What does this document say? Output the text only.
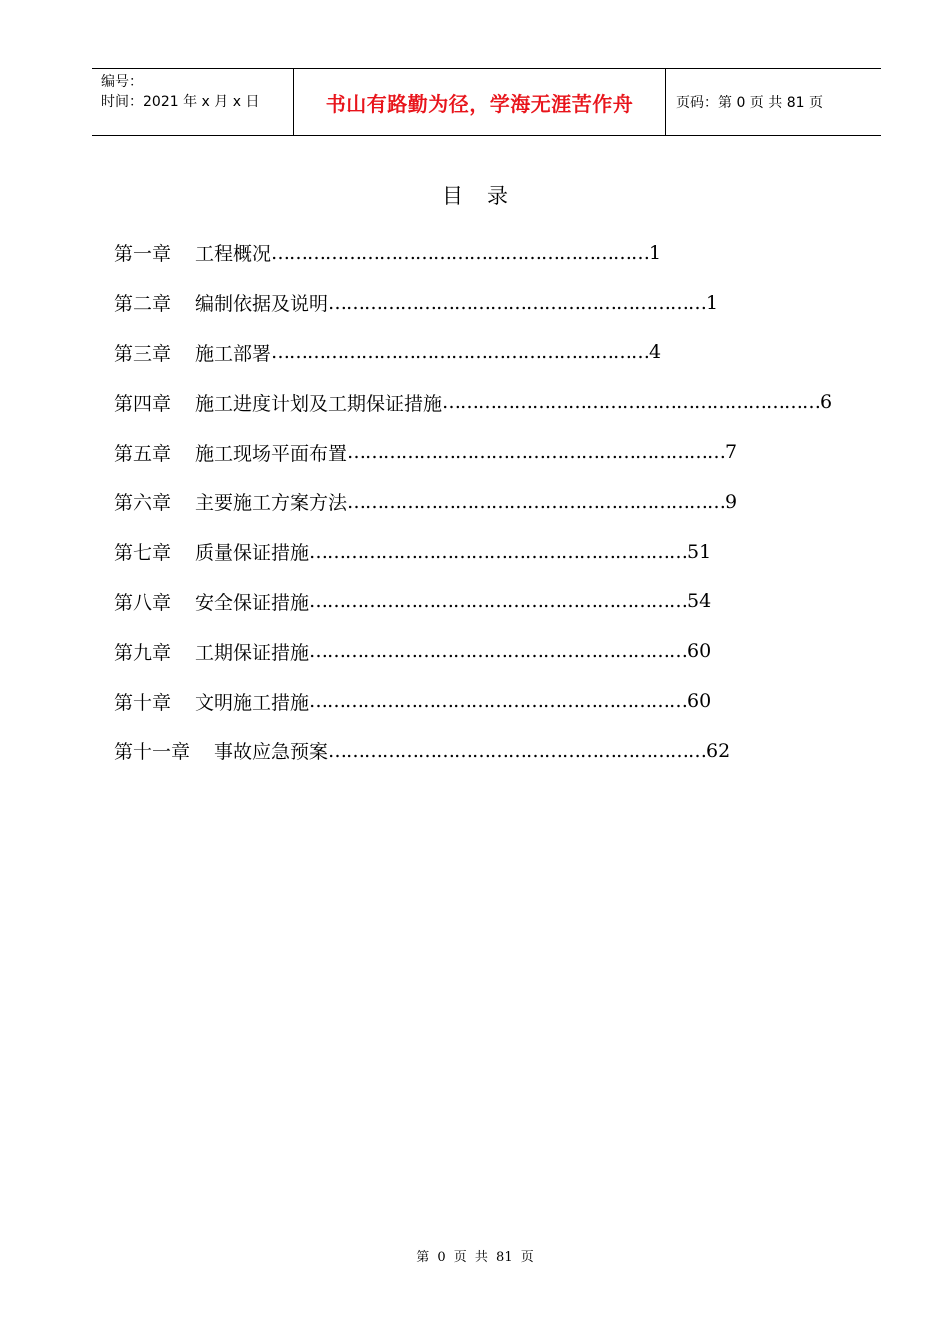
编号：
时间：2021 年 x 月 x 日	书山有路勤为径，学海无涯苦作舟	页码：第 0 页 共 81 页
目录
第一章 工程概况 ……………………………………………………… 1
第二章 编制依据及说明 ……………………………………………………… 1
第三章 施工部署 ……………………………………………………… 4
第四章 施工进度计划及工期保证措施 ……………………………………………………… 6
第五章 施工现场平面布置 ……………………………………………………… 7
第六章 主要施工方案方法 ……………………………………………………… 9
第七章 质量保证措施 ……………………………………………………… 51
第八章 安全保证措施 ……………………………………………………… 54
第九章 工期保证措施 ……………………………………………………… 60
第十章 文明施工措施 ……………………………………………………… 60
第十一章 事故应急预案 ……………………………………………………… 62
第 0 页 共 81 页
